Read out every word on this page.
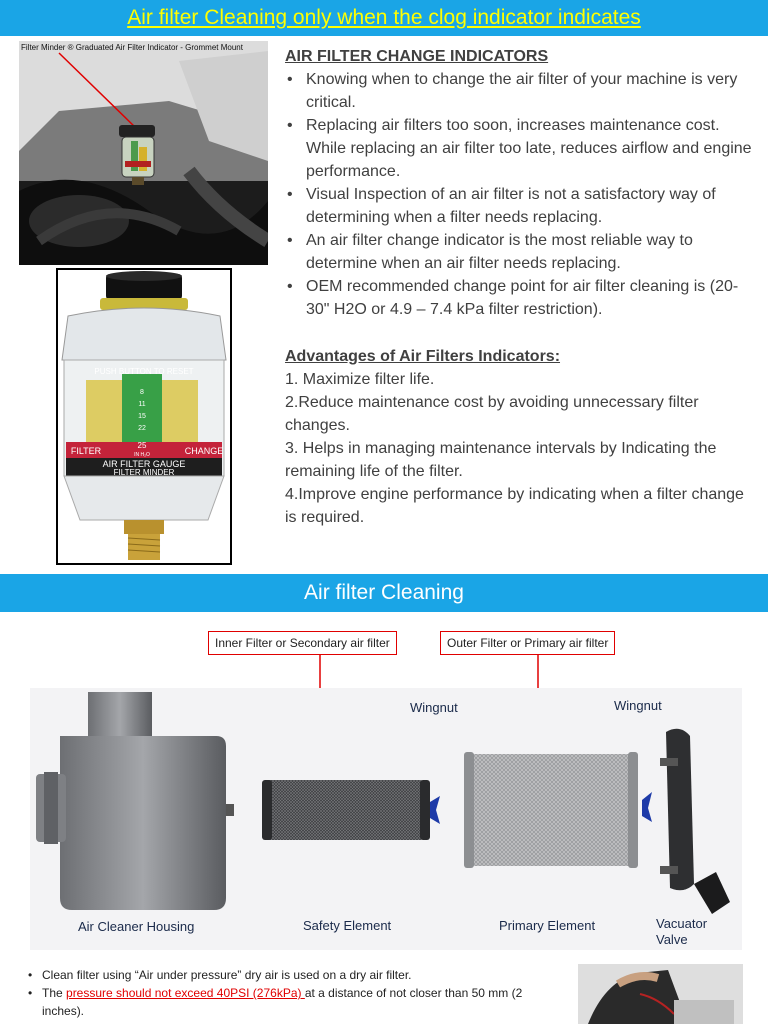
Air filter Cleaning only when the clog indicator indicates
Filter Minder ® Graduated Air Filter Indicator - Grommet Mount
PUSH BUTTON TO RESET
8
11
15
22
25
IN H₂O
FILTER	CHANGE
AIR FILTER GAUGE
FILTER MINDER
AIR FILTER CHANGE INDICATORS
• Knowing when to change the air filter of your machine is very critical.
• Replacing air filters too soon, increases maintenance cost. While replacing an air filter too late, reduces airflow and engine performance.
• Visual Inspection of an air filter is not a satisfactory way of determining when a filter needs replacing.
• An air filter change indicator is the most reliable way to determine when an air filter needs replacing.
• OEM recommended change point for air filter cleaning is (20-30" H2O or 4.9 – 7.4 kPa filter restriction).
Advantages of Air Filters Indicators:
1. Maximize filter life.
2.Reduce maintenance cost by avoiding unnecessary filter changes.
3. Helps in managing maintenance intervals by Indicating the remaining life of the filter.
4.Improve engine performance by indicating when a filter change is required.
Air filter Cleaning
Inner Filter or Secondary air filter	Outer Filter or Primary air filter
Wingnut	Wingnut
Air Cleaner Housing	Safety Element	Primary Element	Vacuator
Valve
• Clean filter using “Air under pressure” dry air is used on a dry air filter.
• The pressure should not exceed 40PSI (276kPa) at a distance of not closer than 50 mm (2 inches).
